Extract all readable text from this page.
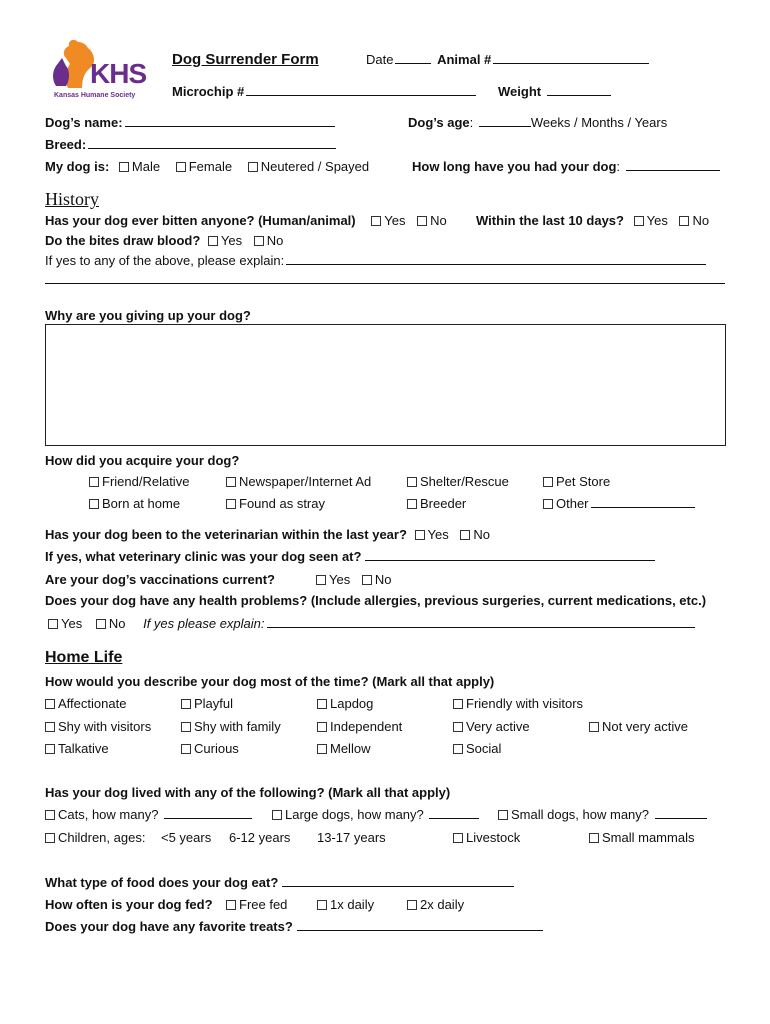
KHS
Kansas Humane Society
Dog Surrender Form	Date	Animal #
Microchip #	Weight
Dog’s name:	Dog’s age:	Weeks / Months / Years
Breed:
My dog is: Male Female Neutered / Spayed	How long have you had your dog:
History
Has your dog ever bitten anyone? (Human/animal) Yes No Within the last 10 days? Yes No
Do the bites draw blood? Yes No
If yes to any of the above, please explain:
Why are you giving up your dog?
How did you acquire your dog?
Friend/Relative	Newspaper/Internet Ad	Shelter/Rescue	Pet Store
Born at home	Found as stray	Breeder	Other
Has your dog been to the veterinarian within the last year? Yes No
If yes, what veterinary clinic was your dog seen at?
Are your dog’s vaccinations current?	Yes No
Does your dog have any health problems? (Include allergies, previous surgeries, current medications, etc.)
Yes No If yes please explain:
Home Life
How would you describe your dog most of the time? (Mark all that apply)
Affectionate	Playful	Lapdog	Friendly with visitors
Shy with visitors	Shy with family	Independent	Very active	Not very active
Talkative	Curious	Mellow	Social
Has your dog lived with any of the following? (Mark all that apply)
Cats, how many?	Large dogs, how many?	Small dogs, how many?
Children, ages: <5 years 6-12 years 13-17 years	Livestock	Small mammals
What type of food does your dog eat?
How often is your dog fed?	Free fed	1x daily	2x daily
Does your dog have any favorite treats?
